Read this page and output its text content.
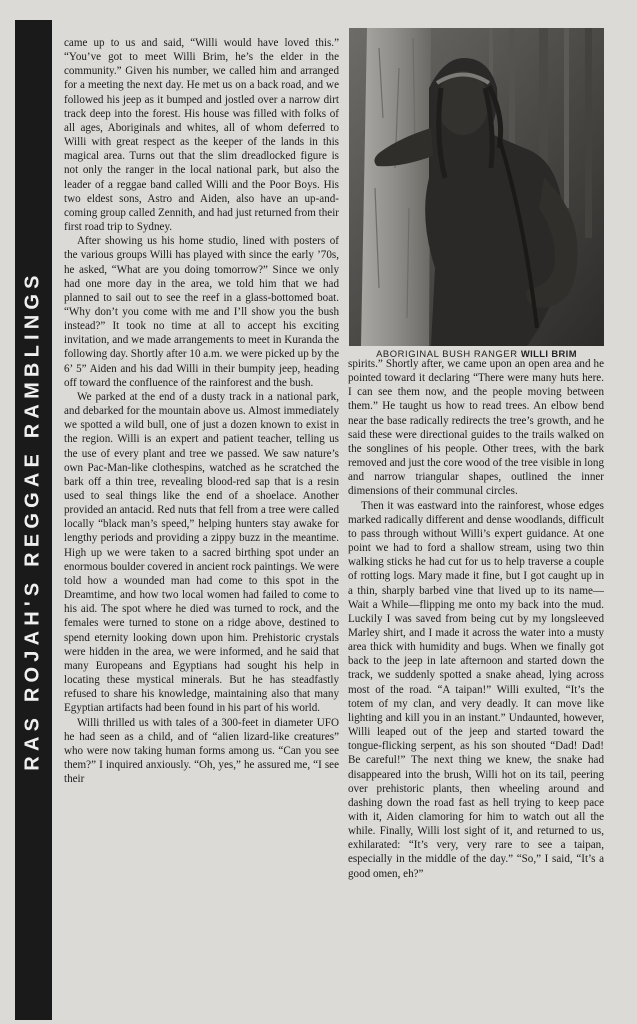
RAS ROJAH'S REGGAE RAMBLINGS

came up to us and said, “Willi would have loved this.” “You’ve got to meet Willi Brim, he’s the elder in the community.” Given his number, we called him and arranged for a meeting the next day. He met us on a back road, and we followed his jeep as it bumped and jostled over a narrow dirt track deep into the forest. His house was filled with folks of all ages, Aboriginals and whites, all of whom deferred to Willi with great respect as the keeper of the lands in this magical area. Turns out that the slim dreadlocked figure is not only the ranger in the local national park, but also the leader of a reggae band called Willi and the Poor Boys. His two eldest sons, Astro and Aiden, also have an up-and-coming group called Zennith, and had just returned from their first road trip to Sydney.

After showing us his home studio, lined with posters of the various groups Willi has played with since the early ’70s, he asked, “What are you doing tomorrow?” Since we only had one more day in the area, we told him that we had planned to sail out to see the reef in a glass-bottomed boat. “Why don’t you come with me and I’ll show you the bush instead?” It took no time at all to accept his exciting invitation, and we made arrangements to meet in Kuranda the following day. Shortly after 10 a.m. we were picked up by the 6’ 5” Aiden and his dad Willi in their bumpity jeep, heading off toward the confluence of the rainforest and the bush.

We parked at the end of a dusty track in a national park, and debarked for the mountain above us. Almost immediately we spotted a wild bull, one of just a dozen known to exist in the region. Willi is an expert and patient teacher, telling us the use of every plant and tree we passed. We saw nature’s own Pac-Man-like clothespins, watched as he scratched the bark off a thin tree, revealing blood-red sap that is a resin used to seal things like the end of a shoelace. Another provided an antacid. Red nuts that fell from a tree were called locally “black man’s speed,” helping hunters stay awake for lengthy periods and providing a zippy buzz in the meantime. High up we were taken to a sacred birthing spot under an enormous boulder covered in ancient rock paintings. We were told how a wounded man had come to this spot in the Dreamtime, and how two local women had failed to come to his aid. The spot where he died was turned to rock, and the females were turned to stone on a ridge above, destined to spend eternity looking down upon him. Prehistoric crystals were hidden in the area, we were informed, and he said that many Europeans and Egyptians had sought his help in locating these mystical minerals. But he has steadfastly refused to share his knowledge, maintaining also that many Egyptian artifacts had been found in his part of his world.

Willi thrilled us with tales of a 300-feet in diameter UFO he had seen as a child, and of “alien lizard-like creatures” who were now taking human forms among us. “Can you see them?” I inquired anxiously. “Oh, yes,” he assured me, “I see their

ABORIGINAL BUSH RANGER WILLI BRIM

spirits.” Shortly after, we came upon an open area and he pointed toward it declaring “There were many huts here. I can see them now, and the people moving between them.” He taught us how to read trees. An elbow bend near the base radically redirects the tree’s growth, and he said these were directional guides to the trails walked on the songlines of his people. Other trees, with the bark removed and just the core wood of the tree visible in long and narrow triangular shapes, outlined the inner dimensions of their communal circles.

Then it was eastward into the rainforest, whose edges marked radically different and dense woodlands, difficult to pass through without Willi’s expert guidance. At one point we had to ford a shallow stream, using two thin walking sticks he had cut for us to help traverse a couple of rotting logs. Mary made it fine, but I got caught up in a thin, sharply barbed vine that lived up to its name—Wait a While—flipping me onto my back into the mud. Luckily I was saved from being cut by my longsleeved Marley shirt, and I made it across the water into a musty area thick with humidity and bugs. When we finally got back to the jeep in late afternoon and started down the track, we suddenly spotted a snake ahead, lying across most of the road. “A taipan!” Willi exulted, “It’s the totem of my clan, and very deadly. It can move like lighting and kill you in an instant.” Undaunted, however, Willi leaped out of the jeep and started toward the tongue-flicking serpent, as his son shouted “Dad! Dad! Be careful!” The next thing we knew, the snake had disappeared into the brush, Willi hot on its tail, peering over prehistoric plants, then wheeling around and dashing down the road fast as hell trying to keep pace with it, Aiden clamoring for him to watch out all the while. Finally, Willi lost sight of it, and returned to us, exhilarated: “It’s very, very rare to see a taipan, especially in the middle of the day.” “So,” I said, “It’s a good omen, eh?”
